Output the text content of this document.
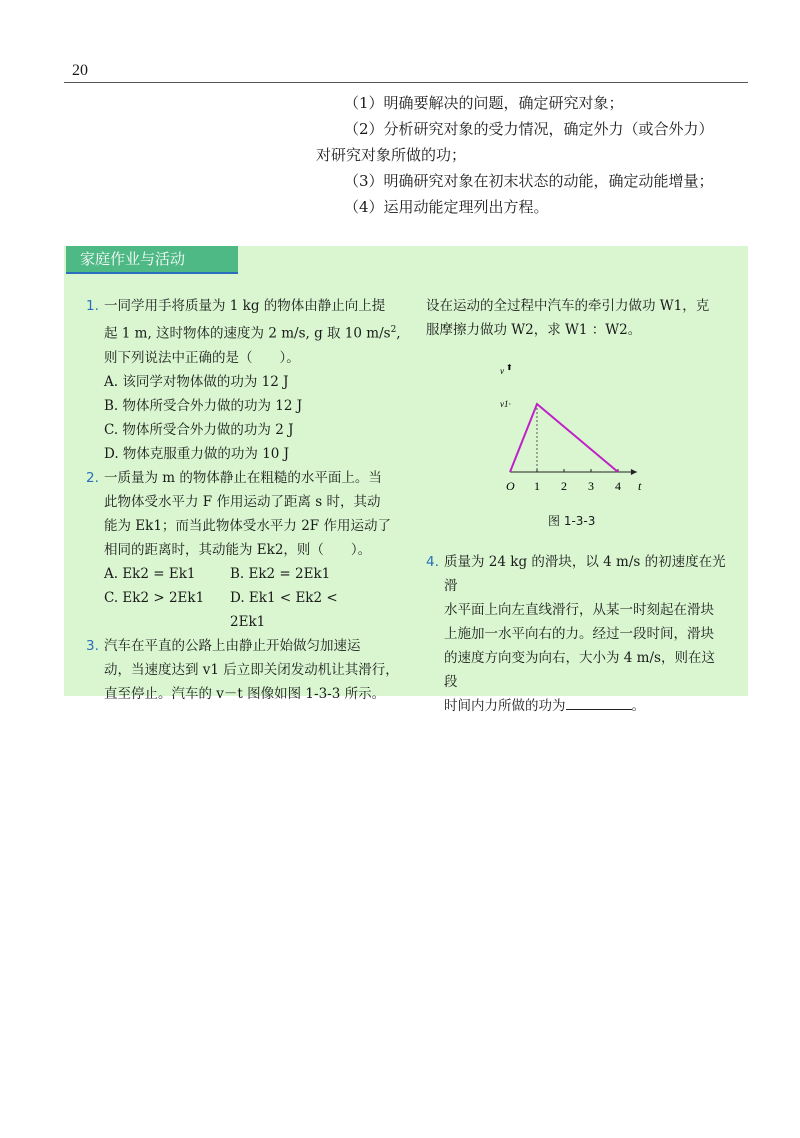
20

（1）明确要解决的问题，确定研究对象；

（2）分析研究对象的受力情况，确定外力（或合外力）

对研究对象所做的功；

（3）明确研究对象在初末状态的动能，确定动能增量；

（4）运用动能定理列出方程。

家庭作业与活动
1. 一同学用手将质量为 1 kg 的物体由静止向上提

起 1 m, 这时物体的速度为 2 m/s, g 取 10 $m/s^2$,

则下列说法中正确的是（　　）。

A. 该同学对物体做的功为 12 J

B. 物体所受合外力做的功为 12 J

C. 物体所受合外力做的功为 2 J

D. 物体克服重力做的功为 10 J

2. 一质量为 m 的物体静止在粗糙的水平面上。当

此物体受水平力 F 作用运动了距离 s 时，其动

能为 Ek1；而当此物体受水平力 2F 作用运动了

相同的距离时，其动能为 Ek2，则（　　）。

A. Ek2 = Ek1	B. Ek2 = 2Ek1
C. Ek2 > 2Ek1	D. Ek1 < Ek2 < 2Ek1
3. 汽车在平直的公路上由静止开始做匀加速运

动，当速度达到 v1 后立即关闭发动机让其滑行，

直至停止。汽车的 v－t 图像如图 1-3-3 所示。

设在运动的全过程中汽车的牵引力做功 W1，克

服摩擦力做功 W2，求 W1 ：W2。

v ⬆
v1·
1 2 3 4
O	t
图 1-3-3
4. 质量为 24 kg 的滑块，以 4 m/s 的初速度在光滑

水平面上向左直线滑行，从某一时刻起在滑块

上施加一水平向右的力。经过一段时间，滑块

的速度方向变为向右，大小为 4 m/s，则在这段

时间内力所做的功为	。
